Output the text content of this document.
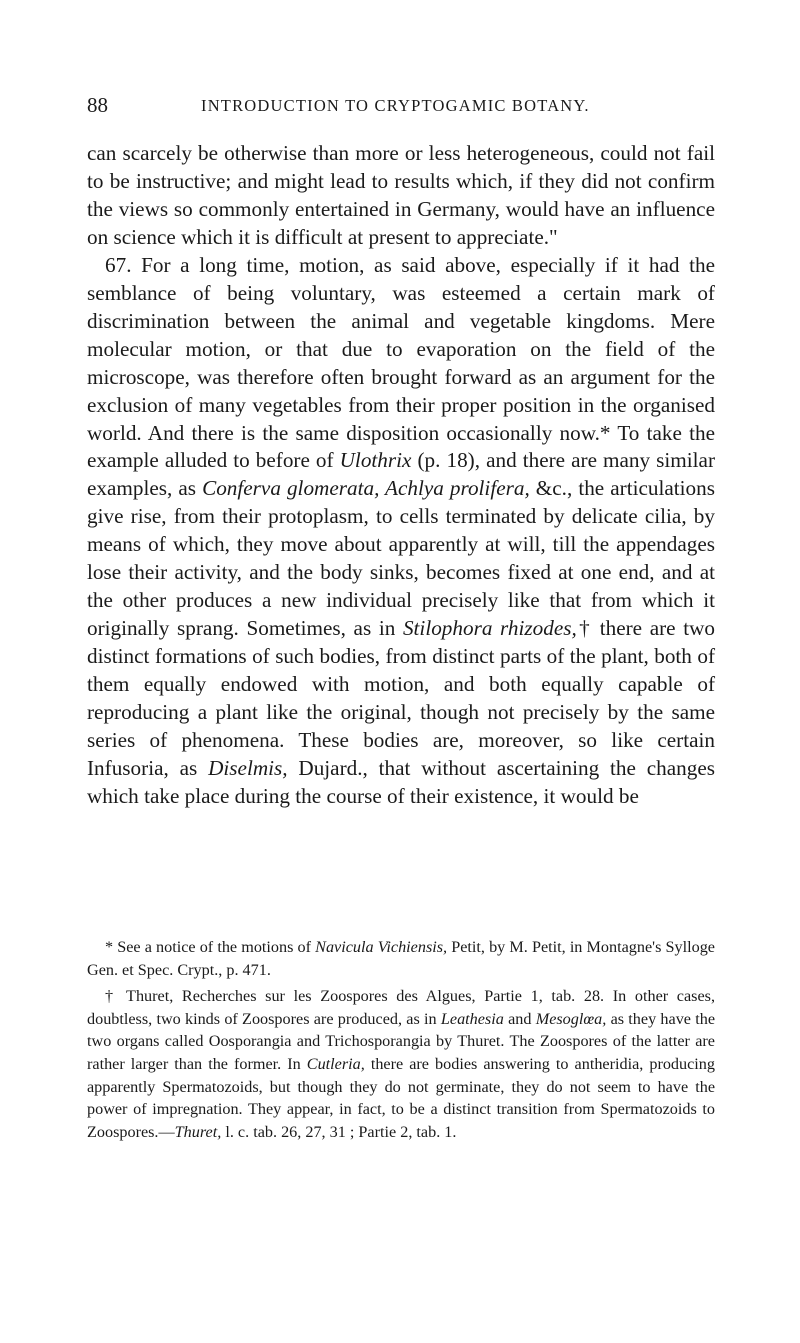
88	INTRODUCTION TO CRYPTOGAMIC BOTANY.

can scarcely be otherwise than more or less heterogeneous, could not fail to be instructive; and might lead to results which, if they did not confirm the views so commonly entertained in Germany, would have an influence on science which it is difficult at present to appreciate."

67. For a long time, motion, as said above, especially if it had the semblance of being voluntary, was esteemed a certain mark of discrimination between the animal and vegetable kingdoms. Mere molecular motion, or that due to evaporation on the field of the microscope, was therefore often brought forward as an argument for the exclusion of many vegetables from their proper position in the organised world. And there is the same disposition occasionally now.* To take the example alluded to before of Ulothrix (p. 18), and there are many similar examples, as Conferva glomerata, Achlya prolifera, &c., the articulations give rise, from their protoplasm, to cells terminated by delicate cilia, by means of which, they move about apparently at will, till the appendages lose their activity, and the body sinks, becomes fixed at one end, and at the other produces a new individual precisely like that from which it originally sprang. Sometimes, as in Stilophora rhizodes,† there are two distinct formations of such bodies, from distinct parts of the plant, both of them equally endowed with motion, and both equally capable of reproducing a plant like the original, though not precisely by the same series of phenomena. These bodies are, moreover, so like certain Infusoria, as Diselmis, Dujard., that without ascertaining the changes which take place during the course of their existence, it would be

* See a notice of the motions of Navicula Vichiensis, Petit, by M. Petit, in Montagne's Sylloge Gen. et Spec. Crypt., p. 471.

† Thuret, Recherches sur les Zoospores des Algues, Partie 1, tab. 28. In other cases, doubtless, two kinds of Zoospores are produced, as in Leathesia and Mesoglœa, as they have the two organs called Oosporangia and Trichosporangia by Thuret. The Zoospores of the latter are rather larger than the former. In Cutleria, there are bodies answering to antheridia, producing apparently Spermatozoids, but though they do not germinate, they do not seem to have the power of impregnation. They appear, in fact, to be a distinct transition from Spermatozoids to Zoospores.—Thuret, l. c. tab. 26, 27, 31 ; Partie 2, tab. 1.
